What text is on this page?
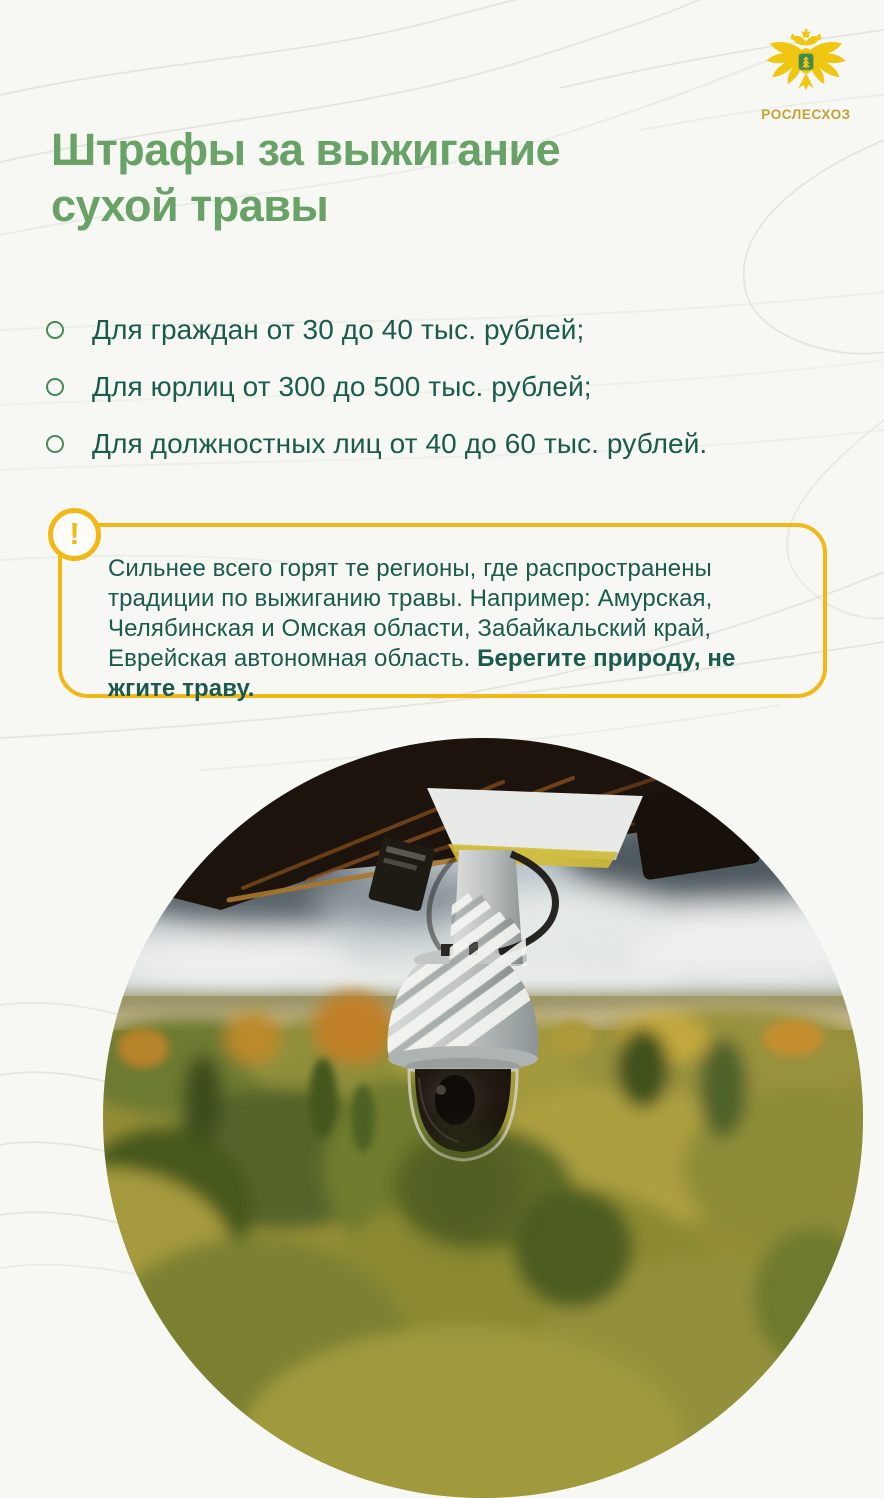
РОСЛЕСХОЗ
Штрафы за выжигание
сухой травы
Для граждан от 30 до 40 тыс. рублей;
Для юрлиц от 300 до 500 тыс. рублей;
Для должностных лиц от 40 до 60 тыс. рублей.
!

Сильнее всего горят те регионы, где распространены традиции по выжиганию травы. Например: Амурская, Челябинская и Омская области, Забайкальский край, Еврейская автономная область. Берегите природу, не жгите траву.
